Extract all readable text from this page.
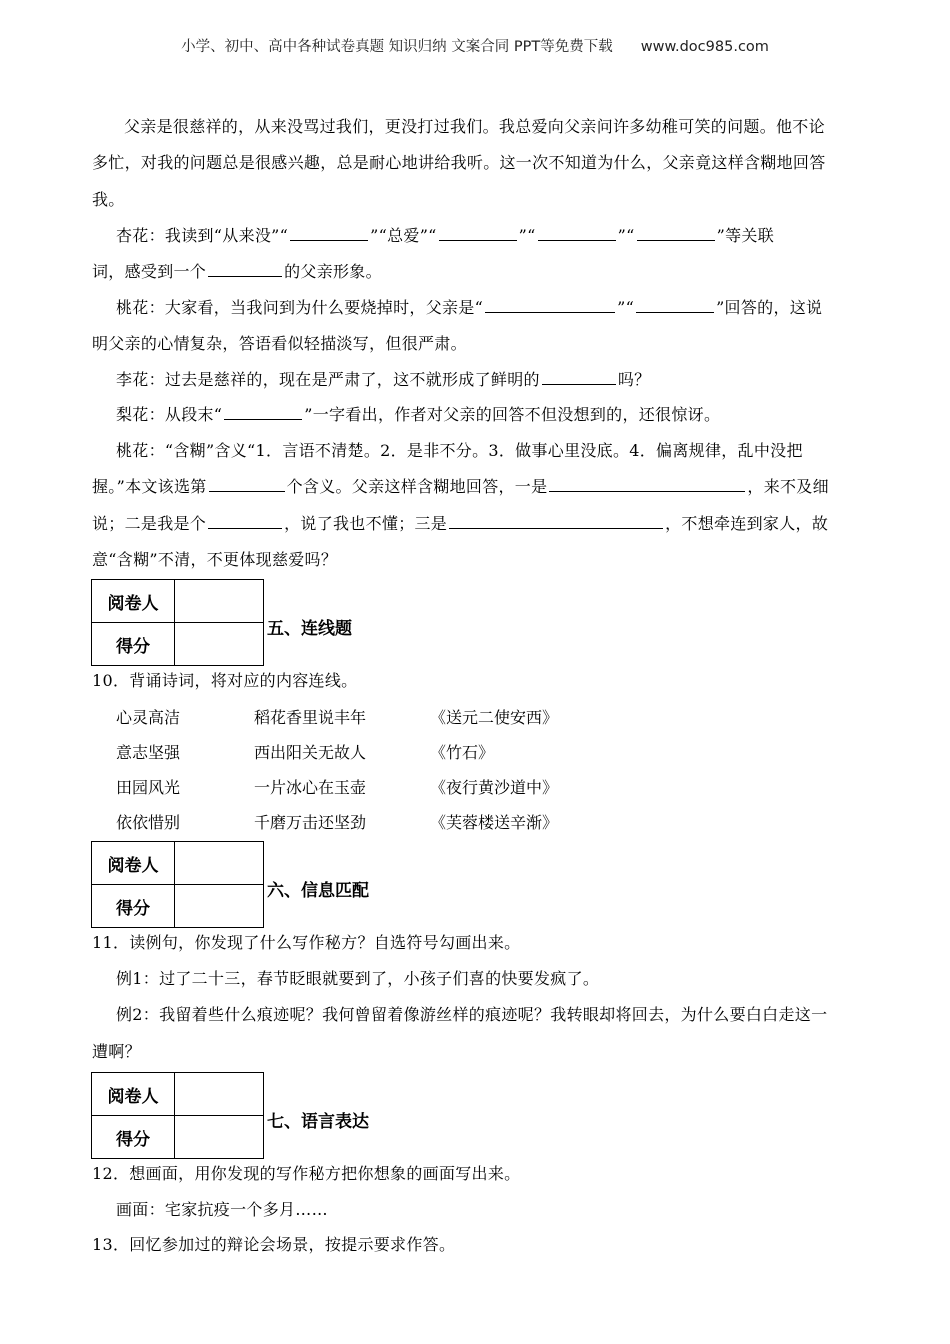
小学、初中、高中各种试卷真题 知识归纳 文案合同 PPT等免费下载 www.doc985.com
父亲是很慈祥的，从来没骂过我们，更没打过我们。我总爱向父亲问许多幼稚可笑的问题。他不论
多忙，对我的问题总是很感兴趣，总是耐心地讲给我听。这一次不知道为什么，父亲竟这样含糊地回答
我。
杏花：我读到“从来没”“	”“总爱”“	”“	”“	”等关联
词，感受到一个	的父亲形象。
桃花：大家看，当我问到为什么要烧掉时，父亲是“	”“	”回答的，这说
明父亲的心情复杂，答语看似轻描淡写，但很严肃。
李花：过去是慈祥的，现在是严肃了，这不就形成了鲜明的	吗？
梨花：从段末“	”一字看出，作者对父亲的回答不但没想到的，还很惊讶。
桃花：“含糊”含义“1．言语不清楚。2．是非不分。3．做事心里没底。4．偏离规律，乱中没把
握。”本文该选第	个含义。父亲这样含糊地回答，一是	，来不及细
说；二是我是个	，说了我也不懂；三是	，不想牵连到家人，故
意“含糊”不清，不更体现慈爱吗？
阅卷人	
得分	
五、连线题
10．背诵诗词，将对应的内容连线。
心灵高洁	稻花香里说丰年	《送元二使安西》
意志坚强	西出阳关无故人	《竹石》
田园风光	一片冰心在玉壶	《夜行黄沙道中》
依依惜别	千磨万击还坚劲	《芙蓉楼送辛渐》
阅卷人	
得分	
六、信息匹配
11．读例句，你发现了什么写作秘方？自选符号勾画出来。
例1：过了二十三，春节眨眼就要到了，小孩子们喜的快要发疯了。
例2：我留着些什么痕迹呢？我何曾留着像游丝样的痕迹呢？我转眼却将回去，为什么要白白走这一
遭啊？
阅卷人	
得分	
七、语言表达
12．想画面，用你发现的写作秘方把你想象的画面写出来。
画面：宅家抗疫一个多月……
13．回忆参加过的辩论会场景，按提示要求作答。
